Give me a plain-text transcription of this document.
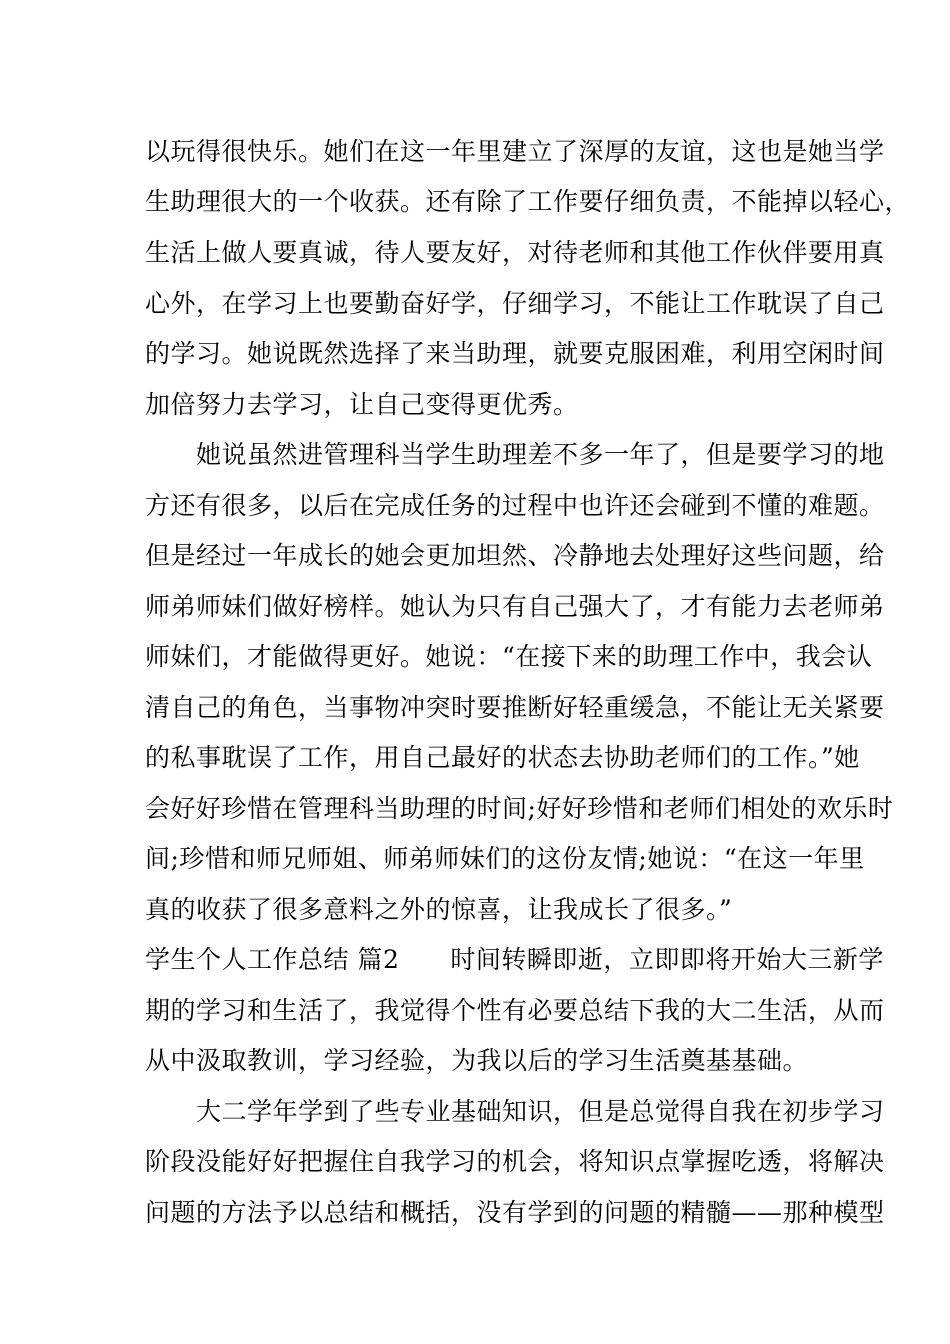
以玩得很快乐。她们在这一年里建立了深厚的友谊，这也是她当学

生助理很大的一个收获。还有除了工作要仔细负责，不能掉以轻心，

生活上做人要真诚，待人要友好，对待老师和其他工作伙伴要用真

心外，在学习上也要勤奋好学，仔细学习，不能让工作耽误了自己

的学习。她说既然选择了来当助理，就要克服困难，利用空闲时间

加倍努力去学习，让自己变得更优秀。

　　她说虽然进管理科当学生助理差不多一年了，但是要学习的地

方还有很多，以后在完成任务的过程中也许还会碰到不懂的难题。

但是经过一年成长的她会更加坦然、冷静地去处理好这些问题，给

师弟师妹们做好榜样。她认为只有自己强大了，才有能力去老师弟

师妹们，才能做得更好。她说：“在接下来的助理工作中，我会认

清自己的角色，当事物冲突时要推断好轻重缓急，不能让无关紧要

的私事耽误了工作，用自己最好的状态去协助老师们的工作。”她

会好好珍惜在管理科当助理的时间;好好珍惜和老师们相处的欢乐时

间;珍惜和师兄师姐、师弟师妹们的这份友情;她说：“在这一年里

真的收获了很多意料之外的惊喜，让我成长了很多。”

学生个人工作总结 篇2　　时间转瞬即逝，立即即将开始大三新学

期的学习和生活了，我觉得个性有必要总结下我的大二生活，从而

从中汲取教训，学习经验，为我以后的学习生活奠基基础。

　　大二学年学到了些专业基础知识，但是总觉得自我在初步学习

阶段没能好好把握住自我学习的机会，将知识点掌握吃透，将解决

问题的方法予以总结和概括，没有学到的问题的精髓——那种模型
